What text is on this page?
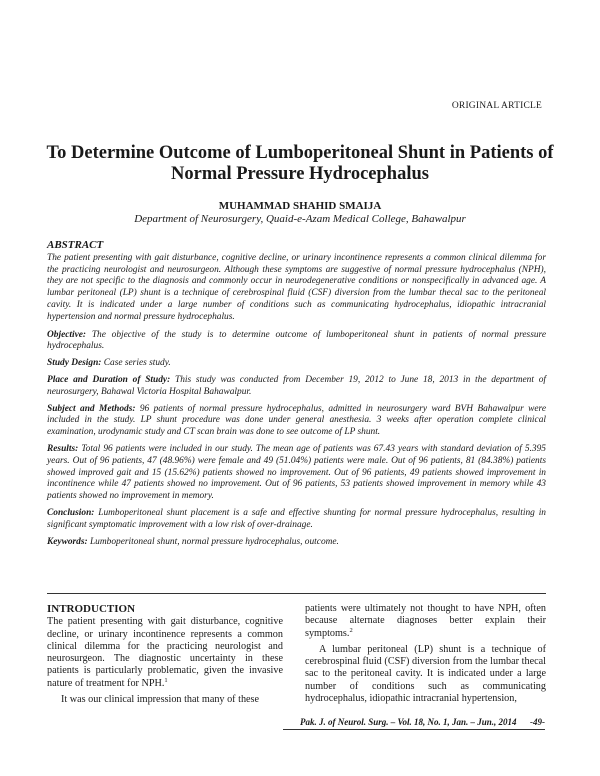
ORIGINAL ARTICLE
To Determine Outcome of Lumboperitoneal Shunt in Patients of Normal Pressure Hydrocephalus
MUHAMMAD SHAHID SMAIJA
Department of Neurosurgery, Quaid-e-Azam Medical College, Bahawalpur
ABSTRACT

The patient presenting with gait disturbance, cognitive decline, or urinary incontinence represents a common clinical dilemma for the practicing neurologist and neurosurgeon. Although these symptoms are suggestive of normal pressure hydrocephalus (NPH), they are not specific to the diagnosis and commonly occur in neurodegenerative conditions or nonspecifically in advanced age. A lumbar peritoneal (LP) shunt is a technique of cerebrospinal fluid (CSF) diversion from the lumbar thecal sac to the peritoneal cavity. It is indicated under a large number of conditions such as communicating hydrocephalus, idiopathic intracranial hypertension and normal pressure hydrocephalus.

Objective: The objective of the study is to determine outcome of lumboperitoneal shunt in patients of normal pressure hydrocephalus.

Study Design: Case series study.

Place and Duration of Study: This study was conducted from December 19, 2012 to June 18, 2013 in the department of neurosurgery, Bahawal Victoria Hospital Bahawalpur.

Subject and Methods: 96 patients of normal pressure hydrocephalus, admitted in neurosurgery ward BVH Bahawalpur were included in the study. LP shunt procedure was done under general anesthesia. 3 weeks after operation complete clinical examination, urodynamic study and CT scan brain was done to see outcome of LP shunt.

Results: Total 96 patients were included in our study. The mean age of patients was 67.43 years with standard deviation of 5.395 years. Out of 96 patients, 47 (48.96%) were female and 49 (51.04%) patients were male. Out of 96 patients, 81 (84.38%) patients showed improved gait and 15 (15.62%) patients showed no improvement. Out of 96 patients, 49 patients showed improvement in incontinence while 47 patients showed no improvement. Out of 96 patients, 53 patients showed improvement in memory while 43 patients showed no improvement in memory.

Conclusion: Lumboperitoneal shunt placement is a safe and effective shunting for normal pressure hydrocephalus, resulting in significant symptomatic improvement with a low risk of over-drainage.

Keywords: Lumboperitoneal shunt, normal pressure hydrocephalus, outcome.

INTRODUCTION

The patient presenting with gait disturbance, cognitive decline, or urinary incontinence represents a common clinical dilemma for the practicing neurologist and neurosurgeon. The diagnostic uncertainty in these patients is particularly problematic, given the invasive nature of treatment for NPH.$^1$

It was our clinical impression that many of these

patients were ultimately not thought to have NPH, often because alternate diagnoses better explain their symptoms.$^2$

A lumbar peritoneal (LP) shunt is a technique of cerebrospinal fluid (CSF) diversion from the lumbar thecal sac to the peritoneal cavity. It is indicated under a large number of conditions such as communicating hydrocephalus, idiopathic intracranial hypertension,

Pak. J. of Neurol. Surg. – Vol. 18, No. 1, Jan. – Jun., 2014 -49-
